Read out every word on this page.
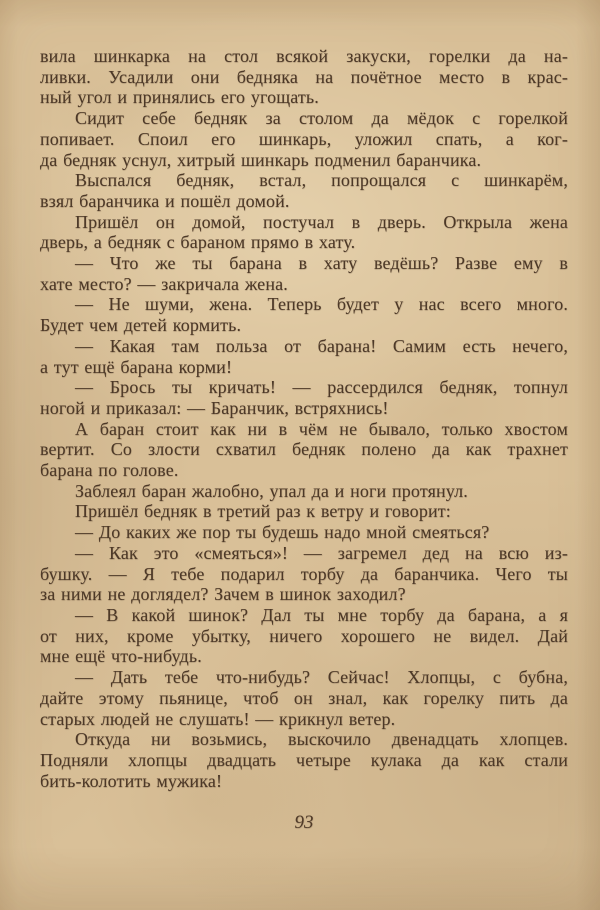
вила шинкарка на стол всякой закуски, горелки да на-
ливки. Усадили они бедняка на почётное место в крас-
ный угол и принялись его угощать.
Сидит себе бедняк за столом да мёдок с горелкой
попивает. Споил его шинкарь, уложил спать, а ког-
да бедняк уснул, хитрый шинкарь подменил баранчика.
Выспался бедняк, встал, попрощался с шинкарём,
взял баранчика и пошёл домой.
Пришёл он домой, постучал в дверь. Открыла жена
дверь, а бедняк с бараном прямо в хату.
— Что же ты барана в хату ведёшь? Разве ему в
хате место? — закричала жена.
— Не шуми, жена. Теперь будет у нас всего много.
Будет чем детей кормить.
— Какая там польза от барана! Самим есть нечего,
а тут ещё барана корми!
— Брось ты кричать! — рассердился бедняк, топнул
ногой и приказал: — Баранчик, встряхнись!
А баран стоит как ни в чём не бывало, только хвостом
вертит. Со злости схватил бедняк полено да как трахнет
барана по голове.
Заблеял баран жалобно, упал да и ноги протянул.
Пришёл бедняк в третий раз к ветру и говорит:
— До каких же пор ты будешь надо мной смеяться?
— Как это «смеяться»! — загремел дед на всю из-
бушку. — Я тебе подарил торбу да баранчика. Чего ты
за ними не доглядел? Зачем в шинок заходил?
— В какой шинок? Дал ты мне торбу да барана, а я
от них, кроме убытку, ничего хорошего не видел. Дай
мне ещё что-нибудь.
— Дать тебе что-нибудь? Сейчас! Хлопцы, с бубна,
дайте этому пьянице, чтоб он знал, как горелку пить да
старых людей не слушать! — крикнул ветер.
Откуда ни возьмись, выскочило двенадцать хлопцев.
Подняли хлопцы двадцать четыре кулака да как стали
бить-колотить мужика!
93
